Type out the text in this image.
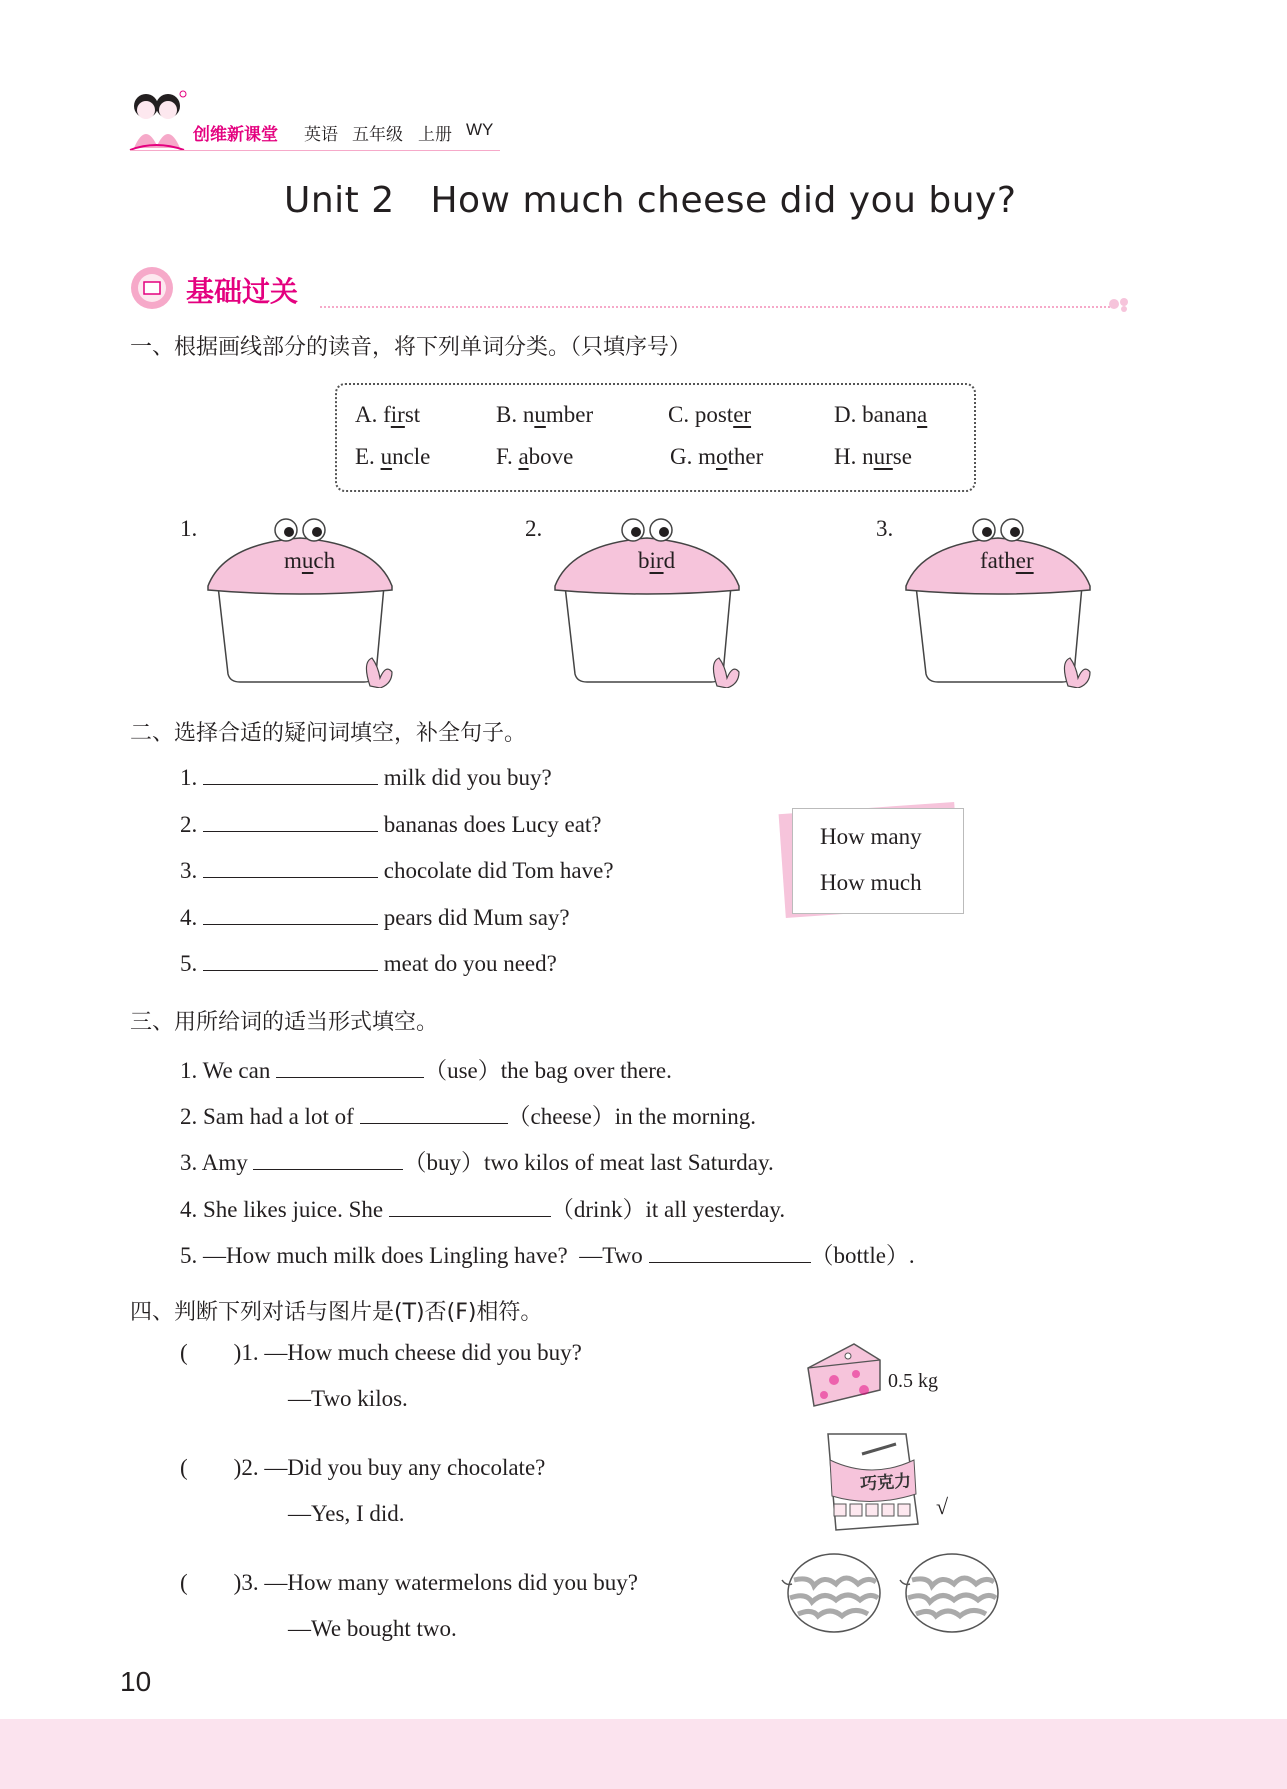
创维新课堂 英语 五年级 上册 WY
Unit 2   How much cheese did you buy?
基础过关
一、根据画线部分的读音，将下列单词分类。（只填序号）
A. first	B. number	C. poster	D. banana
E. uncle	F. above	G. mother	H. nurse
1.
much
2.
bird
3.
father
二、选择合适的疑问词填空，补全句子。
1.	milk did you buy?
2.	bananas does Lucy eat?
3.	chocolate did Tom have?
4.	pears did Mum say?
5.	meat do you need?
How many
How much
三、用所给词的适当形式填空。
1. We can	（use）the bag over there.
2. Sam had a lot of	（cheese）in the morning.
3. Amy	（buy）two kilos of meat last Saturday.
4. She likes juice. She	（drink）it all yesterday.
5. —How much milk does Lingling have?  —Two	（bottle）.
四、判断下列对话与图片是(T)否(F)相符。
(        )1. —How much cheese did you buy?
—Two kilos.
(        )2. —Did you buy any chocolate?
—Yes, I did.
(        )3. —How many watermelons did you buy?
—We bought two.
0.5 kg
巧克力
√
10
